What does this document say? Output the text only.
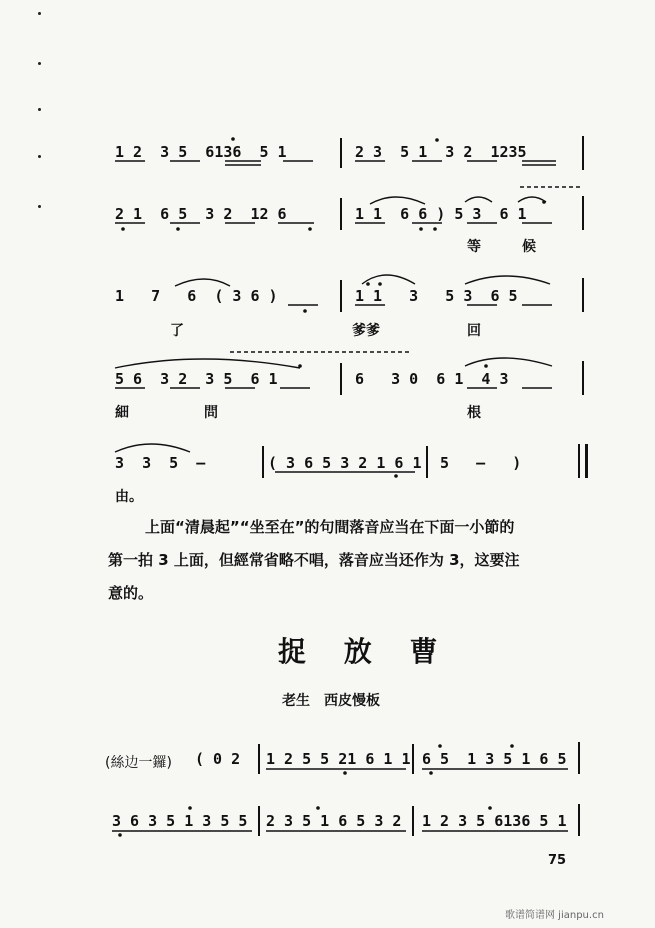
1 2  3 5  6136  5 1	2 3  5 1  3 2  1235
2 1  6 5  3 2  12 6	1 1  6 6 ) 5 3  6 1
等	候
1   7   6  ( 3 6 )	1 1   3   5 3  6 5
了	爹爹	回
5 6  3 2  3 5  6 1	6   3 0  6 1  4 3
細	問	根
3  3  5  –	( 3 6 5 3 2 1 6 1 5   –   )
由。
上面“清晨起”“坐至在”的句間落音应当在下面一小節的
第一拍 3 上面，但經常省略不唱，落音应当还作为 3，这要注
意的。
捉 放 曹
老生　西皮慢板
(絲边一鑼) ( 0 2 1 2 5 5 21 6 1 1 6 5  1 3 5 1 6 5
3 6 3 5 1 3 5 5 2 3 5 1 6 5 3 2 1 2 3 5 6136 5 1
75
歌谱简谱网 jianpu.cn
